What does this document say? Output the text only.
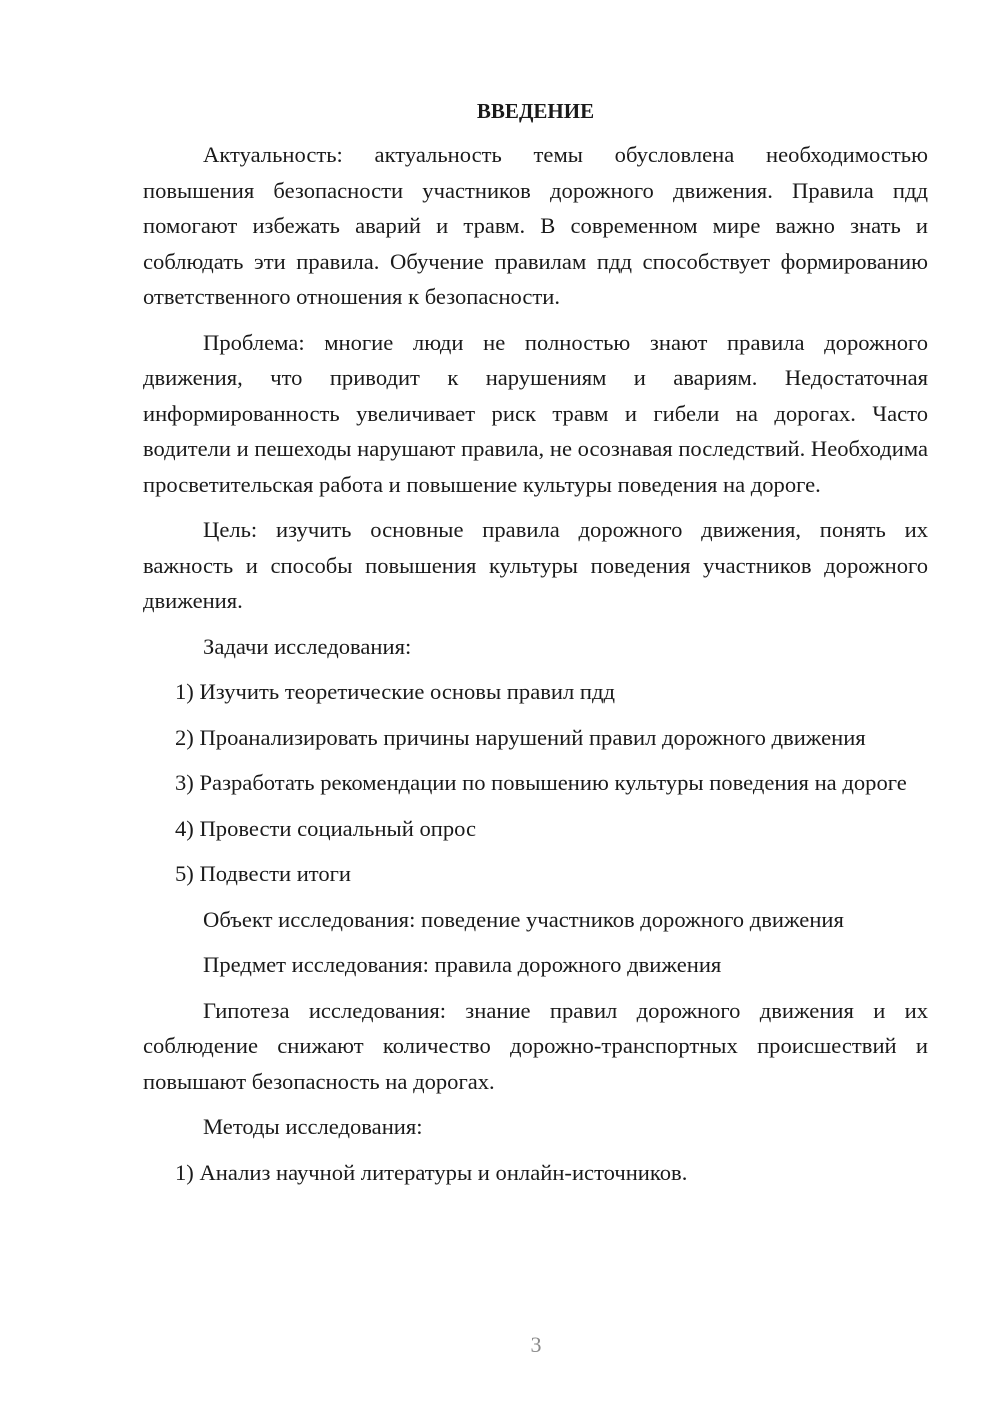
ВВЕДЕНИЕ

Актуальность: актуальность темы обусловлена необходимостью повышения безопасности участников дорожного движения. Правила пдд помогают избежать аварий и травм. В современном мире важно знать и соблюдать эти правила. Обучение правилам пдд способствует формированию ответственного отношения к безопасности.

Проблема: многие люди не полностью знают правила дорожного движения, что приводит к нарушениям и авариям. Недостаточная информированность увеличивает риск травм и гибели на дорогах. Часто водители и пешеходы нарушают правила, не осознавая последствий. Необходима просветительская работа и повышение культуры поведения на дороге.

Цель: изучить основные правила дорожного движения, понять их важность и способы повышения культуры поведения участников дорожного движения.

Задачи исследования:

1) Изучить теоретические основы правил пдд

2) Проанализировать причины нарушений правил дорожного движения

3) Разработать рекомендации по повышению культуры поведения на дороге

4) Провести социальный опрос

5) Подвести итоги

Объект исследования: поведение участников дорожного движения

Предмет исследования: правила дорожного движения

Гипотеза исследования: знание правил дорожного движения и их соблюдение снижают количество дорожно-транспортных происшествий и повышают безопасность на дорогах.

Методы исследования:

1) Анализ научной литературы и онлайн-источников.

3
